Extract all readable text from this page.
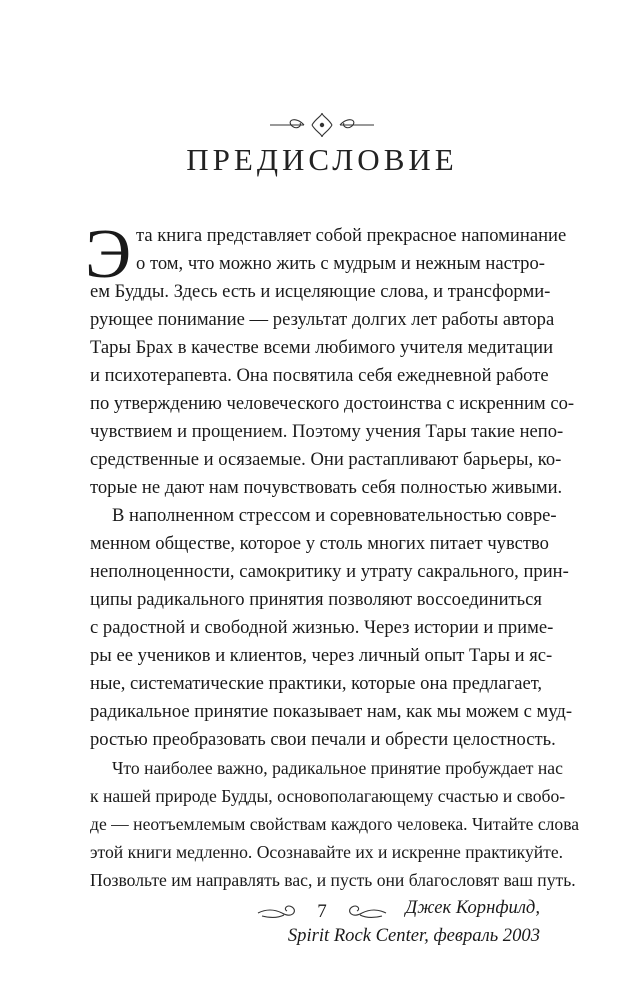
ПРЕДИСЛОВИЕ
Э та книга представляет собой прекрасное напоминание
о том, что можно жить с мудрым и нежным настро-
ем Будды. Здесь есть и исцеляющие слова, и трансформи-
рующее понимание — результат долгих лет работы автора
Тары Брах в качестве всеми любимого учителя медитации
и психотерапевта. Она посвятила себя ежедневной работе
по утверждению человеческого достоинства с искренним со-
чувствием и прощением. Поэтому учения Тары такие непо-
средственные и осязаемые. Они растапливают барьеры, ко-
торые не дают нам почувствовать себя полностью живыми.
В наполненном стрессом и соревновательностью совре-
менном обществе, которое у столь многих питает чувство
неполноценности, самокритику и утрату сакрального, прин-
ципы радикального принятия позволяют воссоединиться
с радостной и свободной жизнью. Через истории и приме-
ры ее учеников и клиентов, через личный опыт Тары и яс-
ные, систематические практики, которые она предлагает,
радикальное принятие показывает нам, как мы можем с муд-
ростью преобразовать свои печали и обрести целостность.
Что наиболее важно, радикальное принятие пробуждает нас
к нашей природе Будды, основополагающему счастью и свобо-
де — неотъемлемым свойствам каждого человека. Читайте слова
этой книги медленно. Осознавайте их и искренне практикуйте.
Позвольте им направлять вас, и пусть они благословят ваш путь.
Джек Корнфилд,
Spirit Rock Center, февраль 2003
7
